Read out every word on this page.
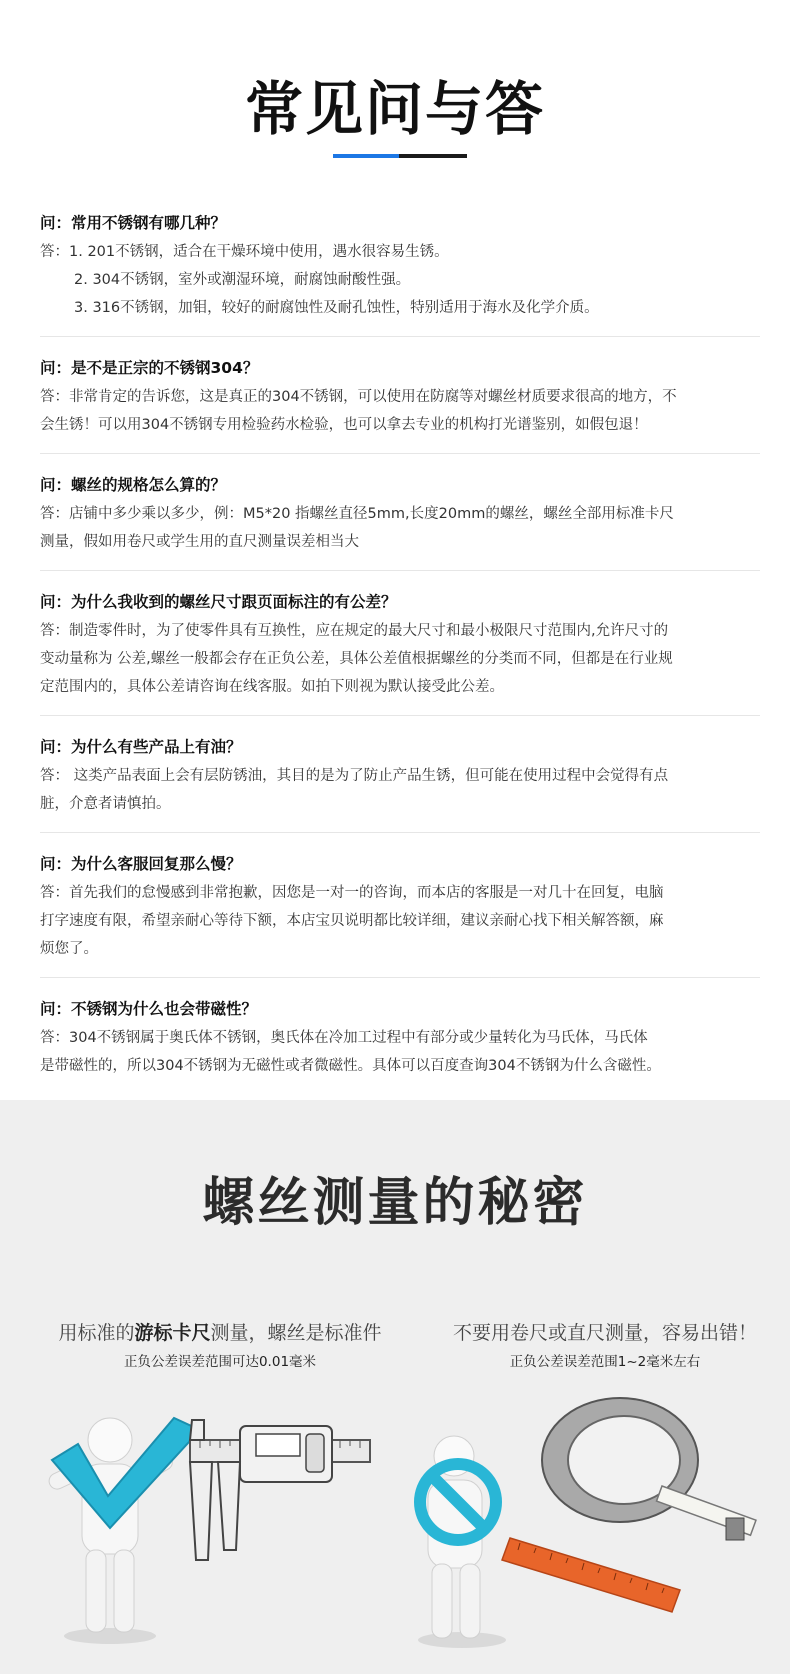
常见问与答

问：常用不锈钢有哪几种？

答：1. 201不锈钢，适合在干燥环境中使用，遇水很容易生锈。

2. 304不锈钢，室外或潮湿环境，耐腐蚀耐酸性强。

3. 316不锈钢，加钼，较好的耐腐蚀性及耐孔蚀性，特别适用于海水及化学介质。

问：是不是正宗的不锈钢304？

答：非常肯定的告诉您，这是真正的304不锈钢，可以使用在防腐等对螺丝材质要求很高的地方，不

会生锈！可以用304不锈钢专用检验药水检验，也可以拿去专业的机构打光谱鉴别，如假包退！

问：螺丝的规格怎么算的？

答：店铺中多少乘以多少，例：M5*20 指螺丝直径5mm,长度20mm的螺丝，螺丝全部用标准卡尺

测量，假如用卷尺或学生用的直尺测量误差相当大

问：为什么我收到的螺丝尺寸跟页面标注的有公差？

答：制造零件时，为了使零件具有互换性，应在规定的最大尺寸和最小极限尺寸范围内,允许尺寸的

变动量称为 公差,螺丝一般都会存在正负公差，具体公差值根据螺丝的分类而不同，但都是在行业规

定范围内的，具体公差请咨询在线客服。如拍下则视为默认接受此公差。

问：为什么有些产品上有油？

答： 这类产品表面上会有层防锈油，其目的是为了防止产品生锈，但可能在使用过程中会觉得有点

脏，介意者请慎拍。

问：为什么客服回复那么慢？

答：首先我们的怠慢感到非常抱歉，因您是一对一的咨询，而本店的客服是一对几十在回复，电脑

打字速度有限，希望亲耐心等待下额，本店宝贝说明都比较详细，建议亲耐心找下相关解答额，麻

烦您了。

问：不锈钢为什么也会带磁性？

答：304不锈钢属于奥氏体不锈钢，奥氏体在冷加工过程中有部分或少量转化为马氏体，马氏体

是带磁性的，所以304不锈钢为无磁性或者微磁性。具体可以百度查询304不锈钢为什么含磁性。

螺丝测量的秘密
用标准的游标卡尺测量，螺丝是标准件
正负公差误差范围可达0.01毫米
不要用卷尺或直尺测量，容易出错！
正负公差误差范围1~2毫米左右
